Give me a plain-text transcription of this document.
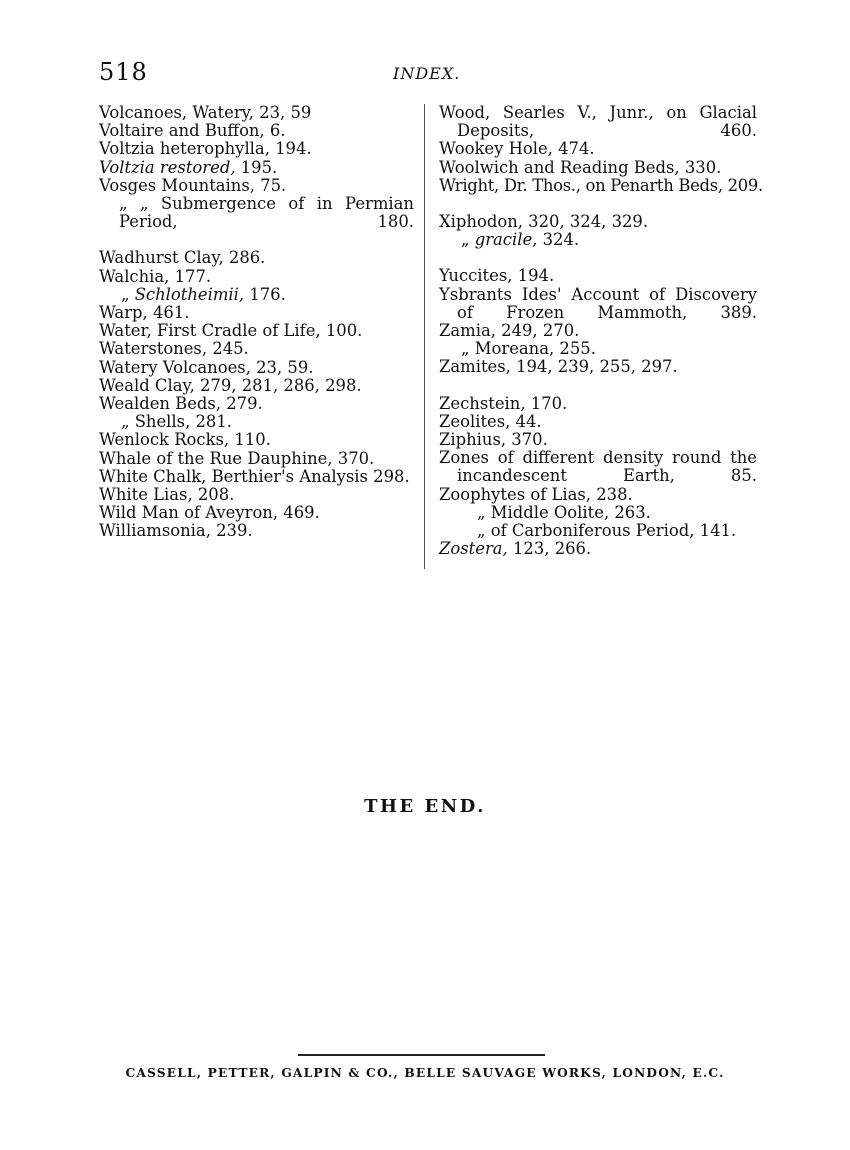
518	INDEX.
Volcanoes, Watery, 23, 59
Voltaire and Buffon, 6.
Voltzia heterophylla, 194.
Voltzia restored, 195.
Vosges Mountains, 75.
„ „ Submergence of in Permian Period, 180.
Wadhurst Clay, 286.
Walchia, 177.
„ Schlotheimii, 176.
Warp, 461.
Water, First Cradle of Life, 100.
Waterstones, 245.
Watery Volcanoes, 23, 59.
Weald Clay, 279, 281, 286, 298.
Wealden Beds, 279.
„ Shells, 281.
Wenlock Rocks, 110.
Whale of the Rue Dauphine, 370.
White Chalk, Berthier's Analysis 298.
White Lias, 208.
Wild Man of Aveyron, 469.
Williamsonia, 239.
Wood, Searles V., Junr., on Glacial Deposits, 460.
Wookey Hole, 474.
Woolwich and Reading Beds, 330.
Wright, Dr. Thos., on Penarth Beds, 209.
Xiphodon, 320, 324, 329.
„ gracile, 324.
Yuccites, 194.
Ysbrants Ides' Account of Discovery of Frozen Mammoth, 389.
Zamia, 249, 270.
„ Moreana, 255.
Zamites, 194, 239, 255, 297.
Zechstein, 170.
Zeolites, 44.
Ziphius, 370.
Zones of different density round the incandescent Earth, 85.
Zoophytes of Lias, 238.
„ Middle Oolite, 263.
„ of Carboniferous Period, 141.
Zostera, 123, 266.
THE END.
CASSELL, PETTER, GALPIN & CO., BELLE SAUVAGE WORKS, LONDON, E.C.
